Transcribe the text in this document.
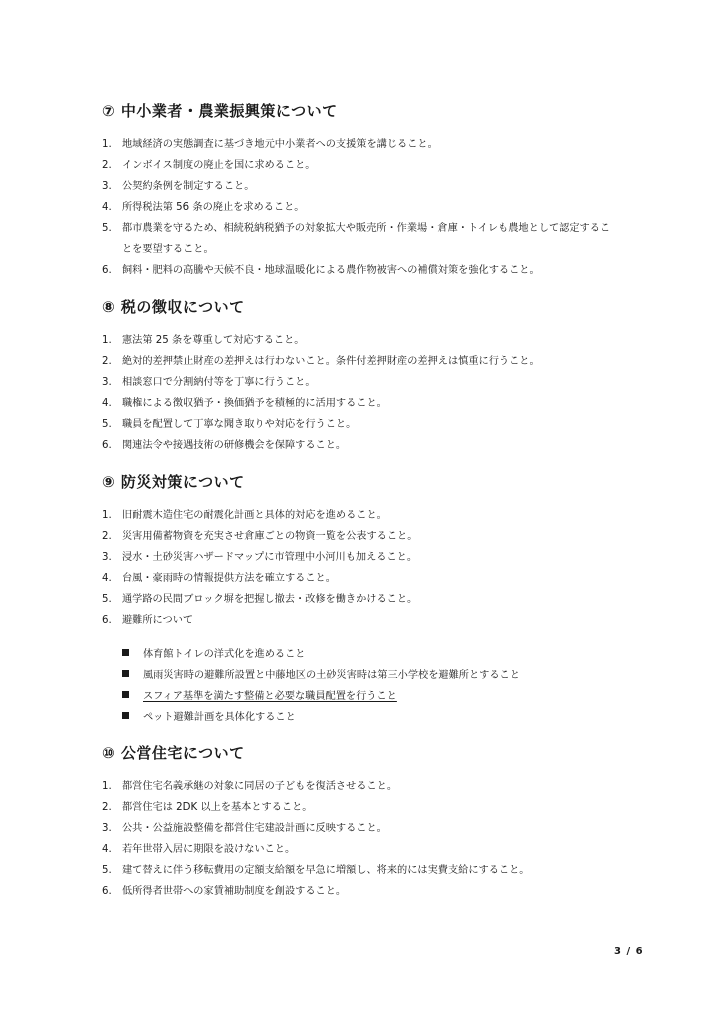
⑦ 中小業者・農業振興策について
1. 地域経済の実態調査に基づき地元中小業者への支援策を講じること。
2. インボイス制度の廃止を国に求めること。
3. 公契約条例を制定すること。
4. 所得税法第 56 条の廃止を求めること。
5. 都市農業を守るため、相続税納税猶予の対象拡大や販売所・作業場・倉庫・トイレも農地として認定するこ
とを要望すること。
6. 飼料・肥料の高騰や天候不良・地球温暖化による農作物被害への補償対策を強化すること。
⑧ 税の徴収について
1. 憲法第 25 条を尊重して対応すること。
2. 絶対的差押禁止財産の差押えは行わないこと。条件付差押財産の差押えは慎重に行うこと。
3. 相談窓口で分割納付等を丁寧に行うこと。
4. 職権による徴収猶予・換価猶予を積極的に活用すること。
5. 職員を配置して丁寧な聞き取りや対応を行うこと。
6. 関連法令や接遇技術の研修機会を保障すること。
⑨ 防災対策について
1. 旧耐震木造住宅の耐震化計画と具体的対応を進めること。
2. 災害用備蓄物資を充実させ倉庫ごとの物資一覧を公表すること。
3. 浸水・土砂災害ハザードマップに市管理中小河川も加えること。
4. 台風・豪雨時の情報提供方法を確立すること。
5. 通学路の民間ブロック塀を把握し撤去・改修を働きかけること。
6. 避難所について
体育館トイレの洋式化を進めること
風雨災害時の避難所設置と中藤地区の土砂災害時は第三小学校を避難所とすること
スフィア基準を満たす整備と必要な職員配置を行うこと
ペット避難計画を具体化すること
⑩ 公営住宅について
1. 都営住宅名義承継の対象に同居の子どもを復活させること。
2. 都営住宅は 2DK 以上を基本とすること。
3. 公共・公益施設整備を都営住宅建設計画に反映すること。
4. 若年世帯入居に期限を設けないこと。
5. 建て替えに伴う移転費用の定額支給額を早急に増額し、将来的には実費支給にすること。
6. 低所得者世帯への家賃補助制度を創設すること。
3 / 6
